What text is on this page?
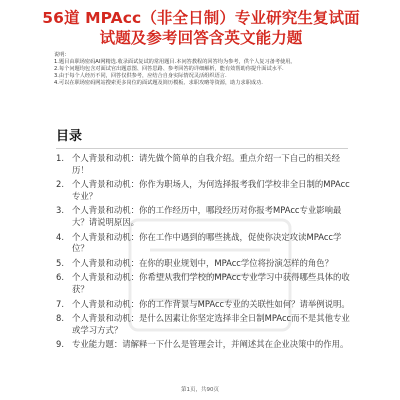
56道 MPAcc（非全日制）专业研究生复试面试题及参考回答含英文能力题

说明：

1.题目由职场密码AI网精选.收录面试复试的常用题目.本问答教程的回答均为参考，供个人复习备考使用。

2.每个问题均包含对面试官出题意图、回答思路、参考回答的详细解析，能有效帮助你提升面试水平.

3.由于每个人经历不同，回答仅供参考，应结合自身实际情况灵活组织语言.

4.可以在职场密码网站搜索更多岗位的面试题及简历模板、求职攻略等资源，助力求职成功.

目录
1. 个人背景和动机：请先做个简单的自我介绍。重点介绍一下自己的相关经历！
2. 个人背景和动机：你作为职场人，为何选择报考我们学校非全日制的MPAcc专业？
3. 个人背景和动机：你的工作经历中，哪段经历对你报考MPAcc专业影响最大？请说明原因。
4. 个人背景和动机：你在工作中遇到的哪些挑战，促使你决定攻读MPAcc学位？
5. 个人背景和动机：在你的职业规划中，MPAcc学位将扮演怎样的角色？
6. 个人背景和动机：你希望从我们学校的MPAcc专业学习中获得哪些具体的收获？
7. 个人背景和动机：你的工作背景与MPAcc专业的关联性如何？请举例说明。
8. 个人背景和动机：是什么因素让你坚定选择非全日制MPAcc而不是其他专业或学习方式？
9. 专业能力题：请解释一下什么是管理会计，并阐述其在企业决策中的作用。
第1页，共90页
